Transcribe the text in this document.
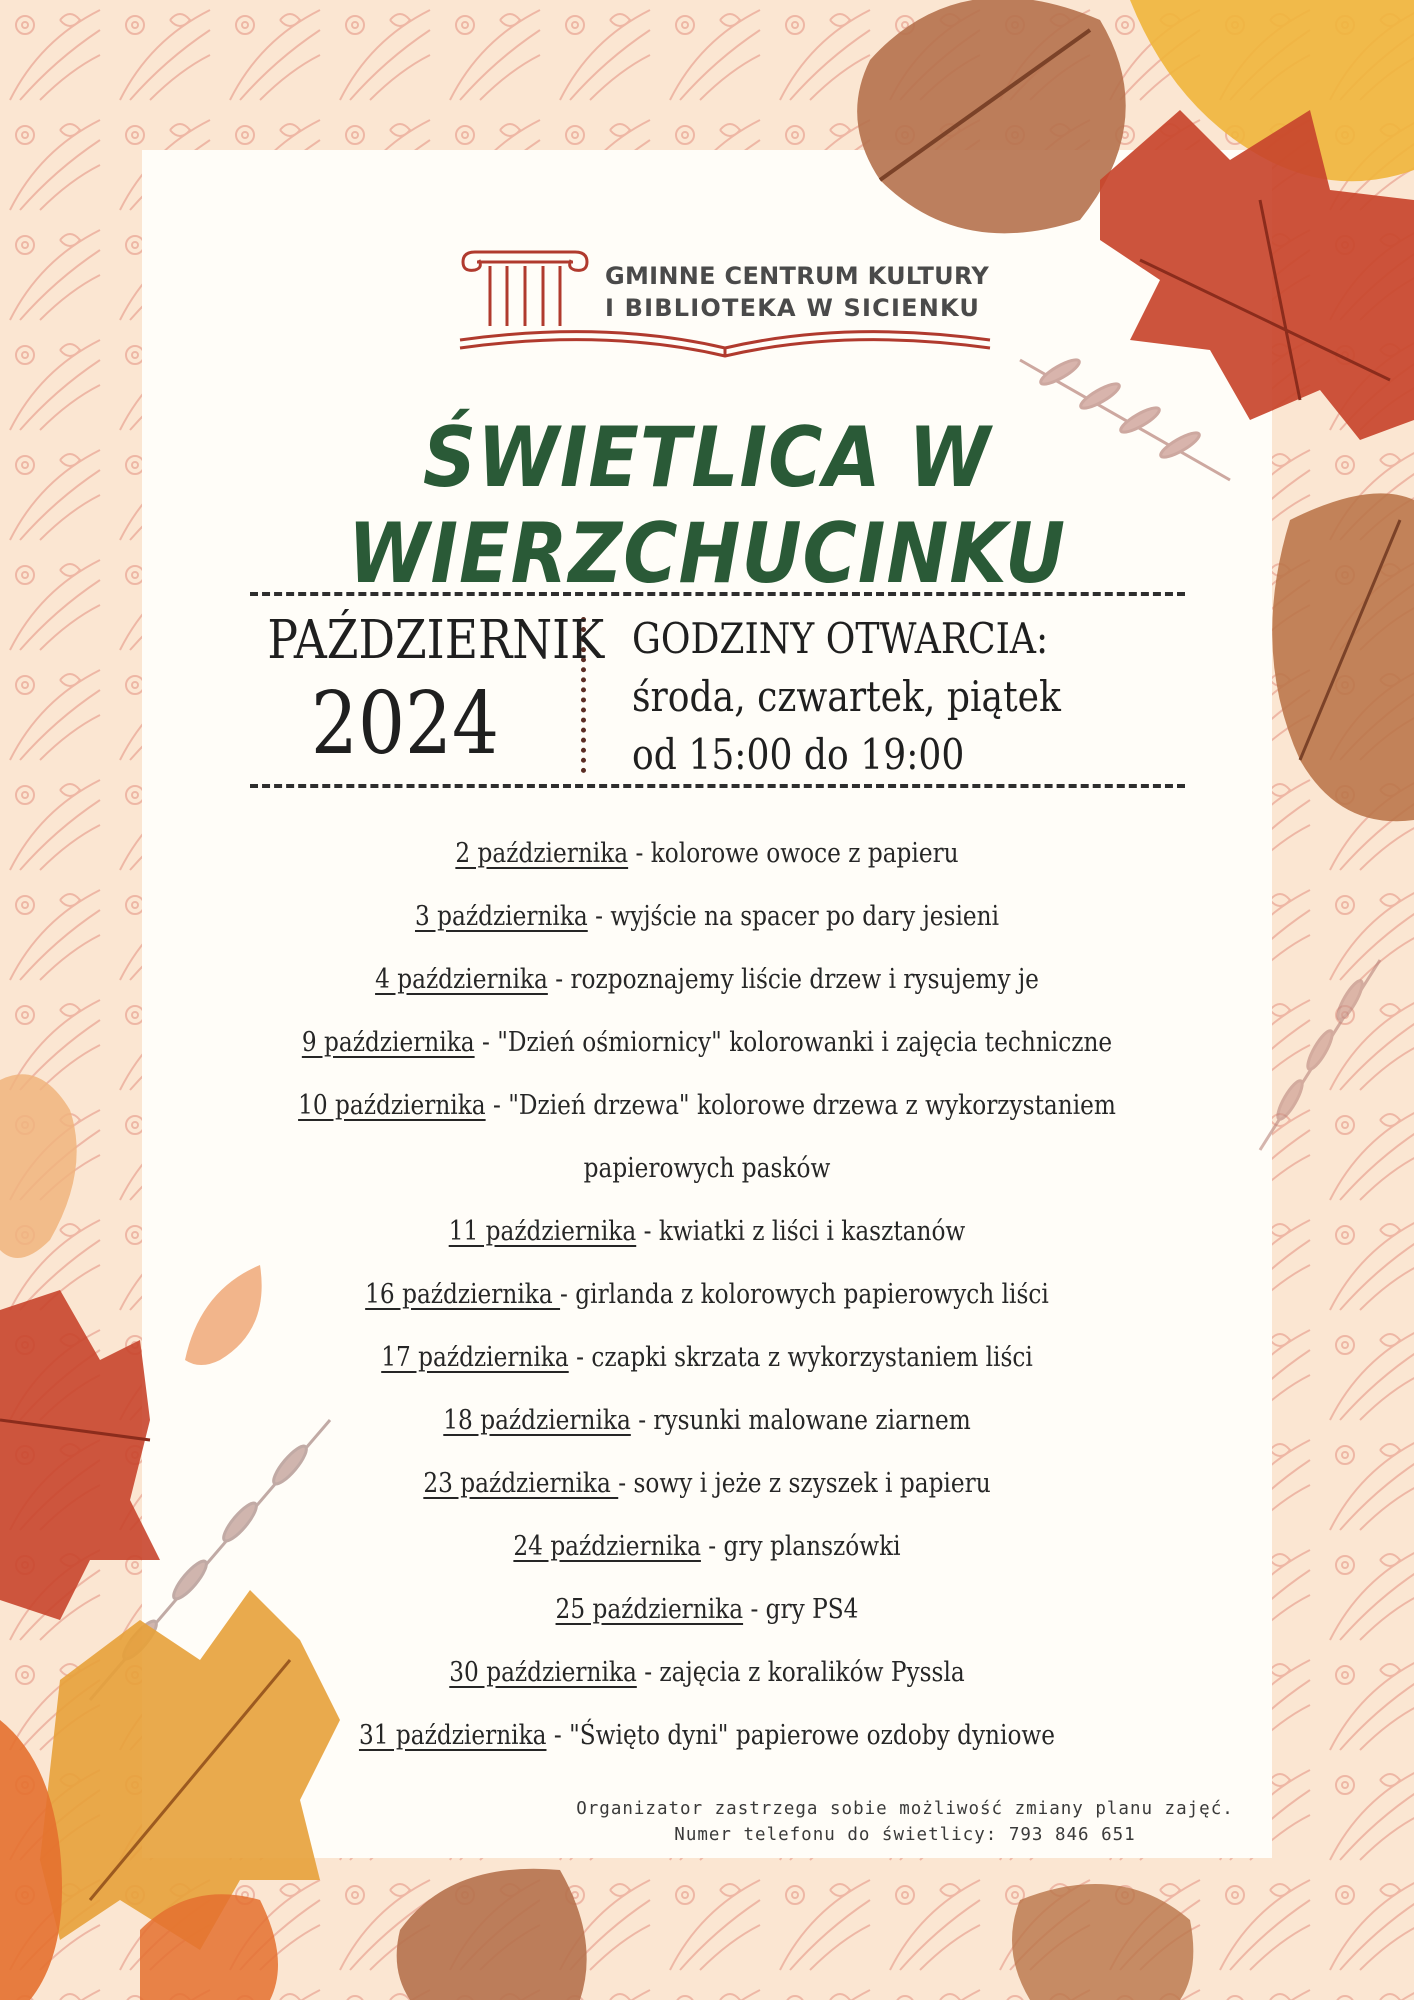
GMINNE CENTRUM KULTURY
I BIBLIOTEKA W SICIENKU
ŚWIETLICA W WIERZCHUCINKU
PAŹDZIERNIK
2024
GODZINY OTWARCIA:
środa, czwartek, piątek
od 15:00 do 19:00
2 października - kolorowe owoce z papieru
3 października - wyjście na spacer po dary jesieni
4 października - rozpoznajemy liście drzew i rysujemy je
9 października - "Dzień ośmiornicy" kolorowanki i zajęcia techniczne
10 października - "Dzień drzewa" kolorowe drzewa z wykorzystaniem
papierowych pasków
11 października - kwiatki z liści i kasztanów
16 października - girlanda z kolorowych papierowych liści
17 października - czapki skrzata z wykorzystaniem liści
18 października - rysunki malowane ziarnem
23 października - sowy i jeże z szyszek i papieru
24 października - gry planszówki
25 października - gry PS4
30 października - zajęcia z koralików Pyssla
31 października - "Święto dyni" papierowe ozdoby dyniowe
Organizator zastrzega sobie możliwość zmiany planu zajęć.
Numer telefonu do świetlicy: 793 846 651
